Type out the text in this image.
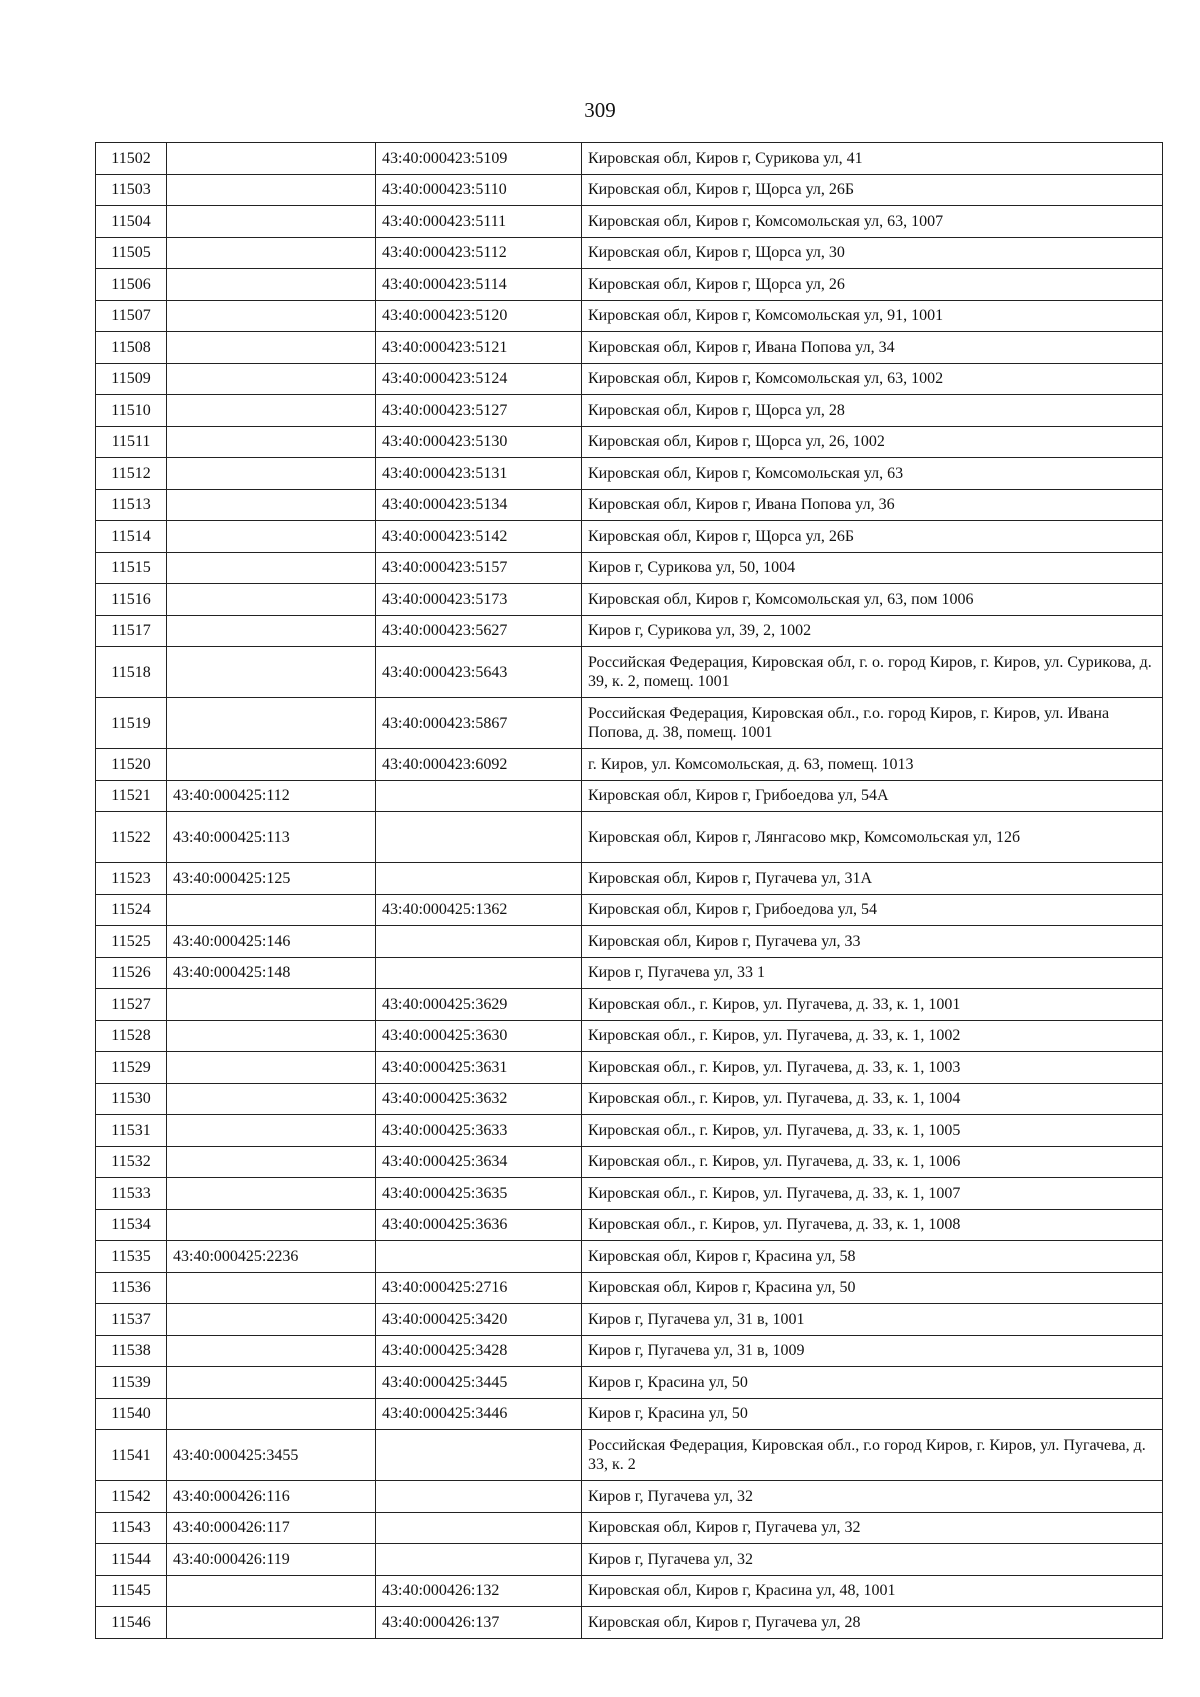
309
11502		43:40:000423:5109	Кировская обл, Киров г, Сурикова ул, 41
11503		43:40:000423:5110	Кировская обл, Киров г, Щорса ул, 26Б
11504		43:40:000423:5111	Кировская обл, Киров г, Комсомольская ул, 63, 1007
11505		43:40:000423:5112	Кировская обл, Киров г, Щорса ул, 30
11506		43:40:000423:5114	Кировская обл, Киров г, Щорса ул, 26
11507		43:40:000423:5120	Кировская обл, Киров г, Комсомольская ул, 91, 1001
11508		43:40:000423:5121	Кировская обл, Киров г, Ивана Попова ул, 34
11509		43:40:000423:5124	Кировская обл, Киров г, Комсомольская ул, 63, 1002
11510		43:40:000423:5127	Кировская обл, Киров г, Щорса ул, 28
11511		43:40:000423:5130	Кировская обл, Киров г, Щорса ул, 26, 1002
11512		43:40:000423:5131	Кировская обл, Киров г, Комсомольская ул, 63
11513		43:40:000423:5134	Кировская обл, Киров г, Ивана Попова ул, 36
11514		43:40:000423:5142	Кировская обл, Киров г, Щорса ул, 26Б
11515		43:40:000423:5157	Киров г, Сурикова ул, 50, 1004
11516		43:40:000423:5173	Кировская обл, Киров г, Комсомольская ул, 63, пом 1006
11517		43:40:000423:5627	Киров г, Сурикова ул, 39, 2, 1002
11518		43:40:000423:5643	Российская Федерация, Кировская обл, г. о. город Киров, г. Киров, ул. Сурикова, д. 39, к. 2, помещ. 1001
11519		43:40:000423:5867	Российская Федерация, Кировская обл., г.о. город Киров, г. Киров, ул. Ивана Попова, д. 38, помещ. 1001
11520		43:40:000423:6092	г. Киров, ул. Комсомольская, д. 63, помещ. 1013
11521	43:40:000425:112		Кировская обл, Киров г, Грибоедова ул, 54А
11522	43:40:000425:113		Кировская обл, Киров г, Лянгасово мкр, Комсомольская ул, 12б
11523	43:40:000425:125		Кировская обл, Киров г, Пугачева ул, 31А
11524		43:40:000425:1362	Кировская обл, Киров г, Грибоедова ул, 54
11525	43:40:000425:146		Кировская обл, Киров г, Пугачева ул, 33
11526	43:40:000425:148		Киров г, Пугачева ул, 33 1
11527		43:40:000425:3629	Кировская обл., г. Киров, ул. Пугачева, д. 33, к. 1, 1001
11528		43:40:000425:3630	Кировская обл., г. Киров, ул. Пугачева, д. 33, к. 1, 1002
11529		43:40:000425:3631	Кировская обл., г. Киров, ул. Пугачева, д. 33, к. 1, 1003
11530		43:40:000425:3632	Кировская обл., г. Киров, ул. Пугачева, д. 33, к. 1, 1004
11531		43:40:000425:3633	Кировская обл., г. Киров, ул. Пугачева, д. 33, к. 1, 1005
11532		43:40:000425:3634	Кировская обл., г. Киров, ул. Пугачева, д. 33, к. 1, 1006
11533		43:40:000425:3635	Кировская обл., г. Киров, ул. Пугачева, д. 33, к. 1, 1007
11534		43:40:000425:3636	Кировская обл., г. Киров, ул. Пугачева, д. 33, к. 1, 1008
11535	43:40:000425:2236		Кировская обл, Киров г, Красина ул, 58
11536		43:40:000425:2716	Кировская обл, Киров г, Красина ул, 50
11537		43:40:000425:3420	Киров г, Пугачева ул, 31 в, 1001
11538		43:40:000425:3428	Киров г, Пугачева ул, 31 в, 1009
11539		43:40:000425:3445	Киров г, Красина ул, 50
11540		43:40:000425:3446	Киров г, Красина ул, 50
11541	43:40:000425:3455		Российская Федерация, Кировская обл., г.о город Киров, г. Киров, ул. Пугачева, д. 33, к. 2
11542	43:40:000426:116		Киров г, Пугачева ул, 32
11543	43:40:000426:117		Кировская обл, Киров г, Пугачева ул, 32
11544	43:40:000426:119		Киров г, Пугачева ул, 32
11545		43:40:000426:132	Кировская обл, Киров г, Красина ул, 48, 1001
11546		43:40:000426:137	Кировская обл, Киров г, Пугачева ул, 28
